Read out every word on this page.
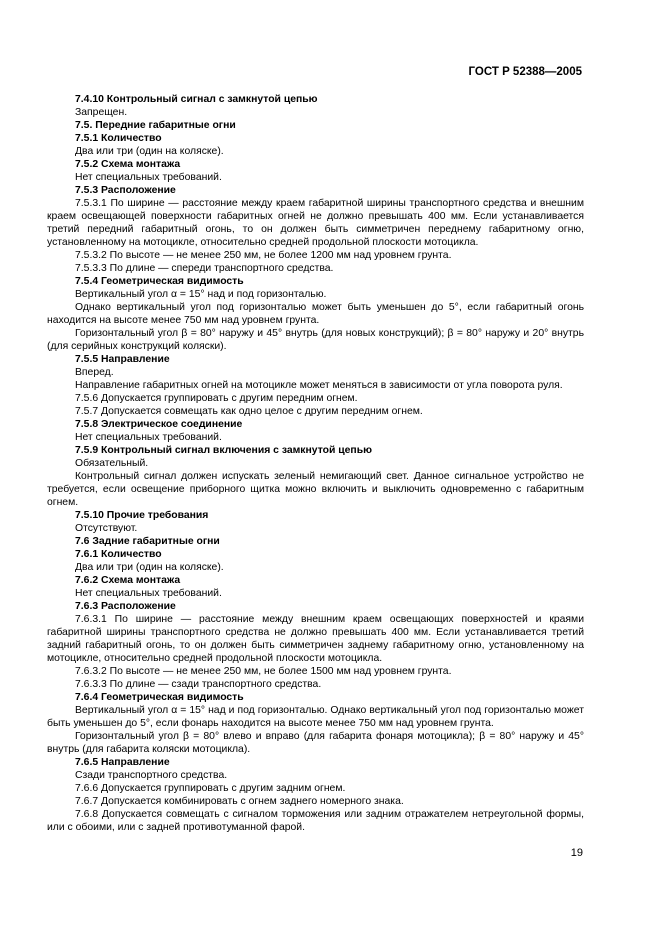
ГОСТ Р 52388—2005

7.4.10 Контрольный сигнал с замкнутой цепью

Запрещен.

7.5. Передние габаритные огни

7.5.1 Количество

Два или три (один на коляске).

7.5.2 Схема монтажа

Нет специальных требований.

7.5.3 Расположение

7.5.3.1 По ширине — расстояние между краем габаритной ширины транспортного средства и внешним краем освещающей поверхности габаритных огней не должно превышать 400 мм. Если устанавливается третий передний габаритный огонь, то он должен быть симметричен переднему габаритному огню, установленному на мотоцикле, относительно средней продольной плоскости мотоцикла.

7.5.3.2 По высоте — не менее 250 мм, не более 1200 мм над уровнем грунта.

7.5.3.3 По длине — спереди транспортного средства.

7.5.4 Геометрическая видимость

Вертикальный угол α = 15° над и под горизонталью.

Однако вертикальный угол под горизонталью может быть уменьшен до 5°, если габаритный огонь находится на высоте менее 750 мм над уровнем грунта.

Горизонтальный угол β = 80° наружу и 45° внутрь (для новых конструкций); β = 80° наружу и 20° внутрь (для серийных конструкций коляски).

7.5.5 Направление

Вперед.

Направление габаритных огней на мотоцикле может меняться в зависимости от угла поворота руля.

7.5.6 Допускается группировать с другим передним огнем.

7.5.7 Допускается совмещать как одно целое с другим передним огнем.

7.5.8 Электрическое соединение

Нет специальных требований.

7.5.9 Контрольный сигнал включения с замкнутой цепью

Обязательный.

Контрольный сигнал должен испускать зеленый немигающий свет. Данное сигнальное устройство не требуется, если освещение приборного щитка можно включить и выключить одновременно с габаритным огнем.

7.5.10 Прочие требования

Отсутствуют.

7.6 Задние габаритные огни

7.6.1 Количество

Два или три (один на коляске).

7.6.2 Схема монтажа

Нет специальных требований.

7.6.3 Расположение

7.6.3.1 По ширине — расстояние между внешним краем освещающих поверхностей и краями габаритной ширины транспортного средства не должно превышать 400 мм. Если устанавливается третий задний габаритный огонь, то он должен быть симметричен заднему габаритному огню, установленному на мотоцикле, относительно средней продольной плоскости мотоцикла.

7.6.3.2 По высоте — не менее 250 мм, не более 1500 мм над уровнем грунта.

7.6.3.3 По длине — сзади транспортного средства.

7.6.4 Геометрическая видимость

Вертикальный угол α = 15° над и под горизонталью. Однако вертикальный угол под горизонталью может быть уменьшен до 5°, если фонарь находится на высоте менее 750 мм над уровнем грунта.

Горизонтальный угол β = 80° влево и вправо (для габарита фонаря мотоцикла); β = 80° наружу и 45° внутрь (для габарита коляски мотоцикла).

7.6.5 Направление

Сзади транспортного средства.

7.6.6 Допускается группировать с другим задним огнем.

7.6.7 Допускается комбинировать с огнем заднего номерного знака.

7.6.8 Допускается совмещать с сигналом торможения или задним отражателем нетреугольной формы, или с обоими, или с задней противотуманной фарой.

19
